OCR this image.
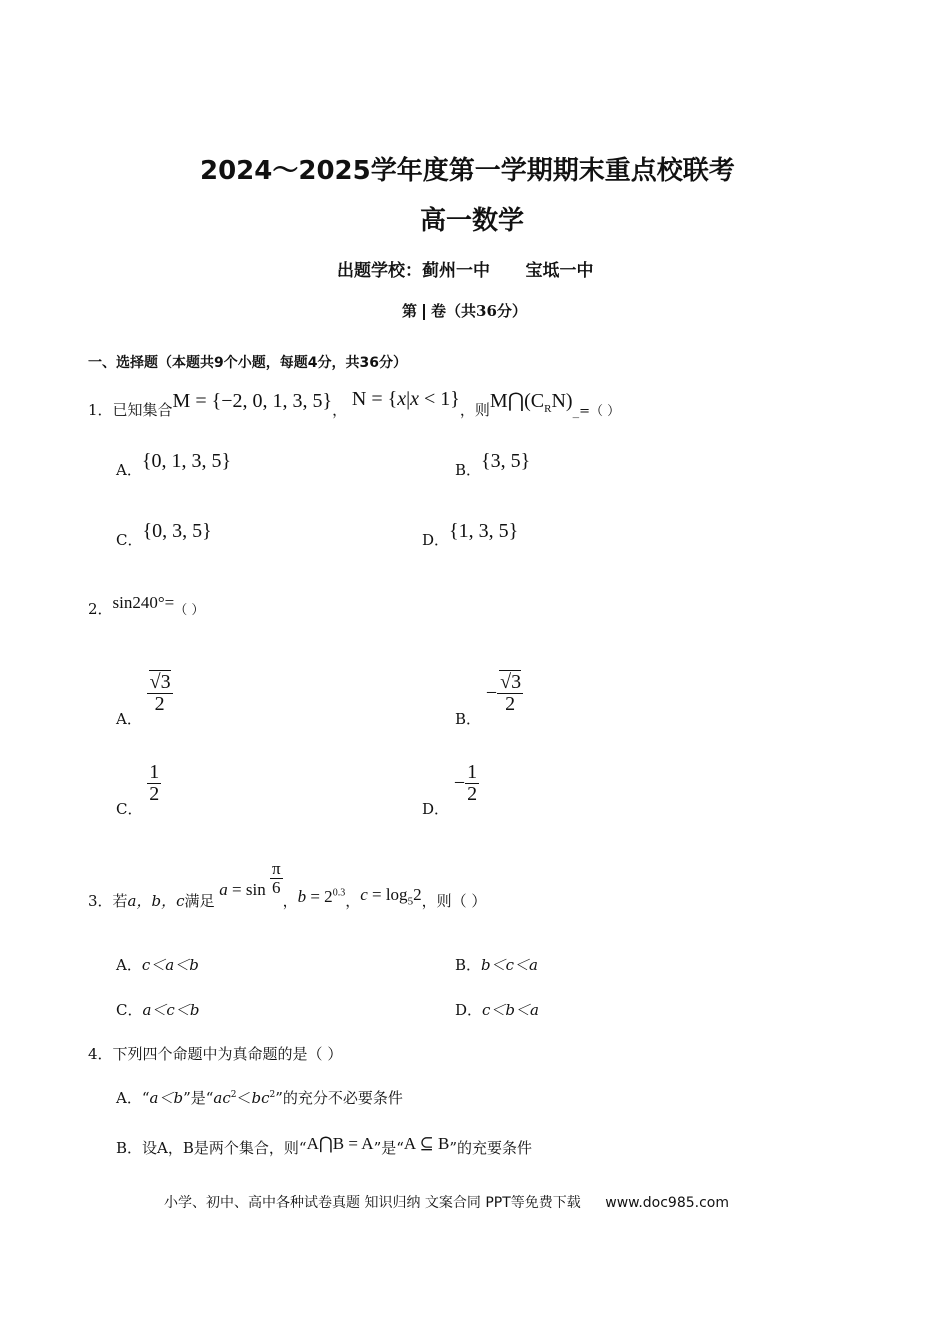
2024～2025学年度第一学期期末重点校联考
高一数学
出题学校：蓟州一中      宝坻一中
第 卷（共36分）
一、选择题（本题共9个小题，每题4分，共36分）
1．已知集合M = {−2, 0, 1, 3, 5}， N = {x|x < 1}，则$M⋂(C_RN)\_=$（ ）
A．{0, 1, 3, 5}	B．{3, 5}
C．{0, 3, 5}	D．{1, 3, 5}
2．sin240°=（ ）
A．
$\frac{√3}{2}$
B． − $\frac{√3}{2}$
C．
$\frac{1}{2}$
D． − $\frac{1}{2}$
3．若a，b，c满足 $a = \sin \frac{\pi}{6}$
，$b = 2^{0.3}$，$c = \log_52$，则（ ）
A．c＜a＜b	B．b＜c＜a
C．a＜c＜b	D．c＜b＜a
4．下列四个命题中为真命题的是（ ）
A．“a＜b”是“$ac^2<bc^2$”的充分不必要条件
B．设A，B是两个集合，则“A⋂B = A”是“A ⊆ B”的充要条件
小学、初中、高中各种试卷真题 知识归纳 文案合同 PPT等免费下载 www.doc985.com
